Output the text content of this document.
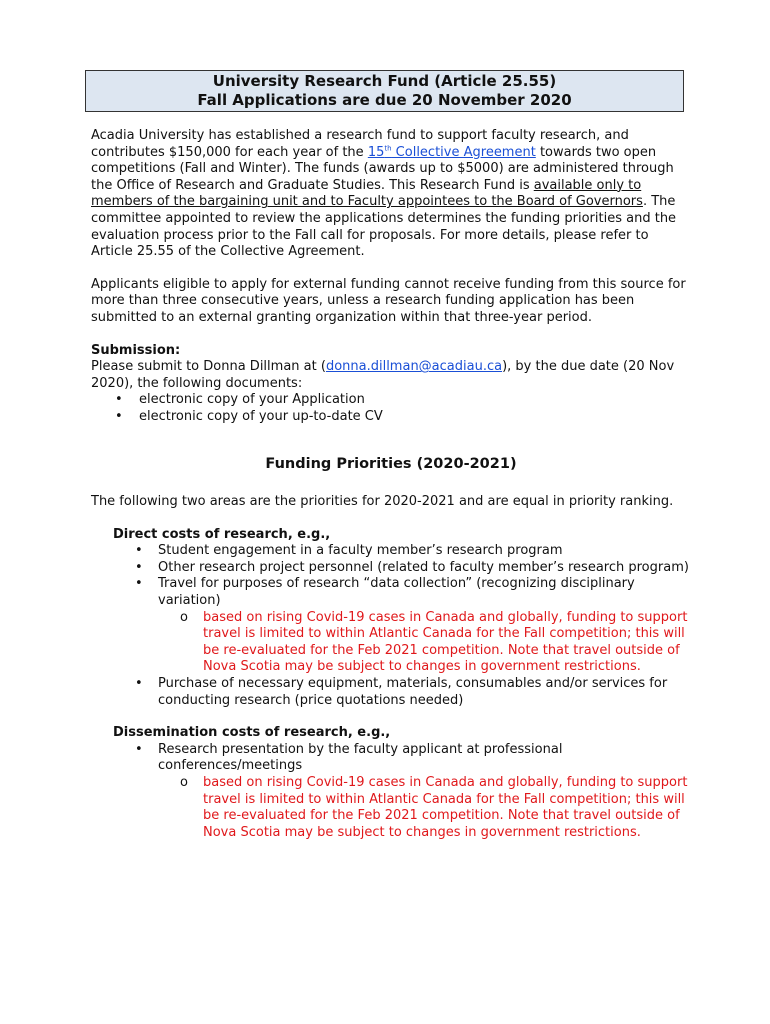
University Research Fund (Article 25.55)
Fall Applications are due 20 November 2020

Acadia University has established a research fund to support faculty research, and contributes $150,000 for each year of the 15th Collective Agreement towards two open competitions (Fall and Winter). The funds (awards up to $5000) are administered through the Office of Research and Graduate Studies. This Research Fund is available only to members of the bargaining unit and to Faculty appointees to the Board of Governors. The committee appointed to review the applications determines the funding priorities and the evaluation process prior to the Fall call for proposals. For more details, please refer to Article 25.55 of the Collective Agreement.

Applicants eligible to apply for external funding cannot receive funding from this source for more than three consecutive years, unless a research funding application has been submitted to an external granting organization within that three-year period.

Submission:

Please submit to Donna Dillman at (donna.dillman@acadiau.ca), by the due date (20 Nov 2020), the following documents:

• electronic copy of your Application
• electronic copy of your up-to-date CV

Funding Priorities (2020-2021)

The following two areas are the priorities for 2020-2021 and are equal in priority ranking.

Direct costs of research, e.g.,

• Student engagement in a faculty member’s research program
• Other research project personnel (related to faculty member’s research program)
• Travel for purposes of research “data collection” (recognizing disciplinary variation)
o based on rising Covid-19 cases in Canada and globally, funding to support travel is limited to within Atlantic Canada for the Fall competition; this will be re-evaluated for the Feb 2021 competition. Note that travel outside of Nova Scotia may be subject to changes in government restrictions.
• Purchase of necessary equipment, materials, consumables and/or services for conducting research (price quotations needed)

Dissemination costs of research, e.g.,

• Research presentation by the faculty applicant at professional conferences/meetings
o based on rising Covid-19 cases in Canada and globally, funding to support travel is limited to within Atlantic Canada for the Fall competition; this will be re-evaluated for the Feb 2021 competition. Note that travel outside of Nova Scotia may be subject to changes in government restrictions.
